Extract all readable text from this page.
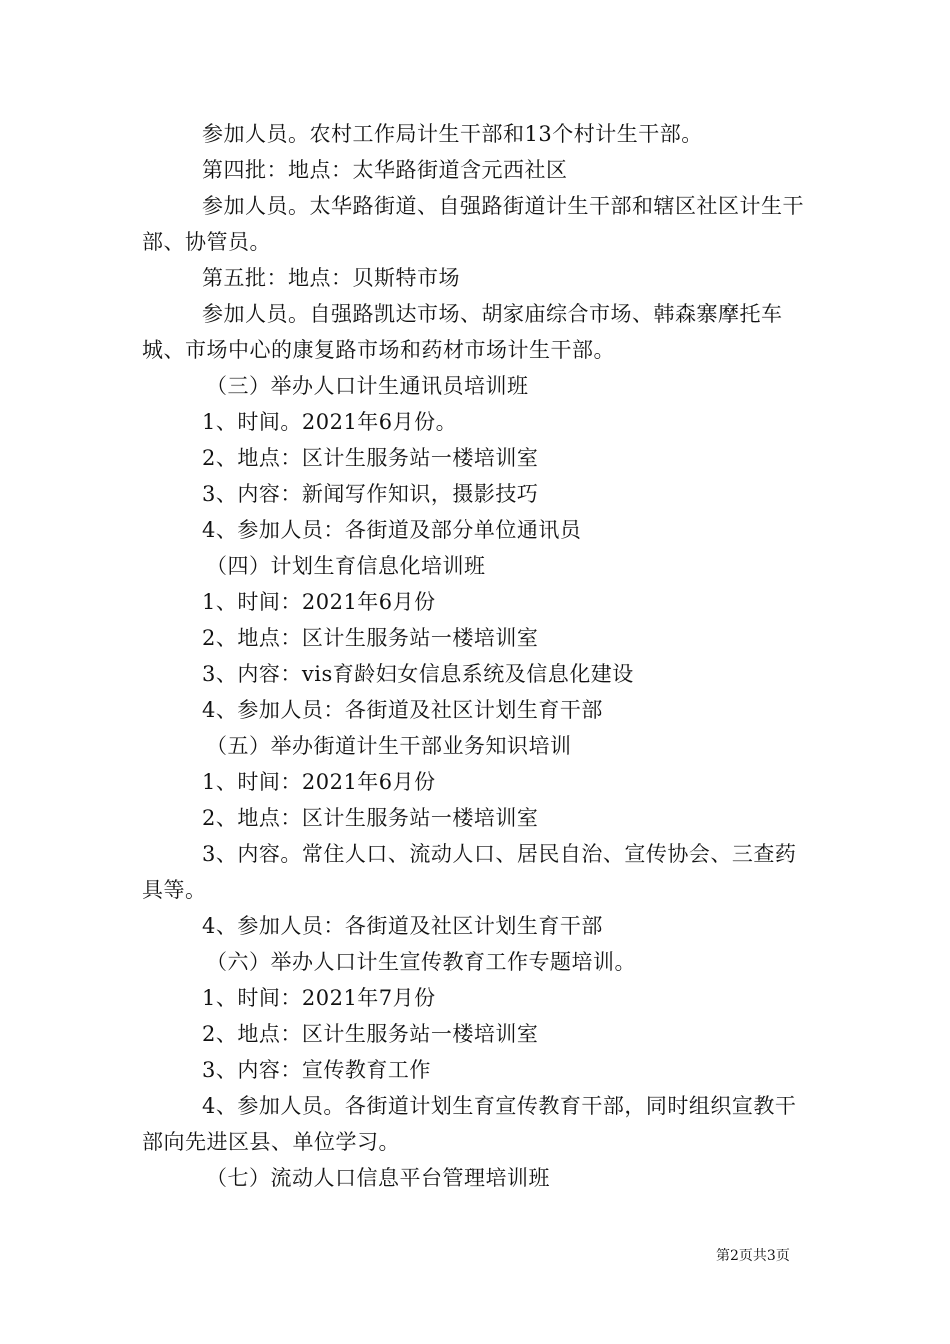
参加人员。农村工作局计生干部和13个村计生干部。

第四批：地点：太华路街道含元西社区

参加人员。太华路街道、自强路街道计生干部和辖区社区计生干部、协管员。

第五批：地点：贝斯特市场

参加人员。自强路凯达市场、胡家庙综合市场、韩森寨摩托车城、市场中心的康复路市场和药材市场计生干部。

（三）举办人口计生通讯员培训班

1、时间。2021年6月份。

2、地点：区计生服务站一楼培训室

3、内容：新闻写作知识，摄影技巧

4、参加人员：各街道及部分单位通讯员

（四）计划生育信息化培训班

1、时间：2021年6月份

2、地点：区计生服务站一楼培训室

3、内容：vis育龄妇女信息系统及信息化建设

4、参加人员：各街道及社区计划生育干部

（五）举办街道计生干部业务知识培训

1、时间：2021年6月份

2、地点：区计生服务站一楼培训室

3、内容。常住人口、流动人口、居民自治、宣传协会、三查药具等。

4、参加人员：各街道及社区计划生育干部

（六）举办人口计生宣传教育工作专题培训。

1、时间：2021年7月份

2、地点：区计生服务站一楼培训室

3、内容：宣传教育工作

4、参加人员。各街道计划生育宣传教育干部，同时组织宣教干部向先进区县、单位学习。

（七）流动人口信息平台管理培训班

第2页共3页
